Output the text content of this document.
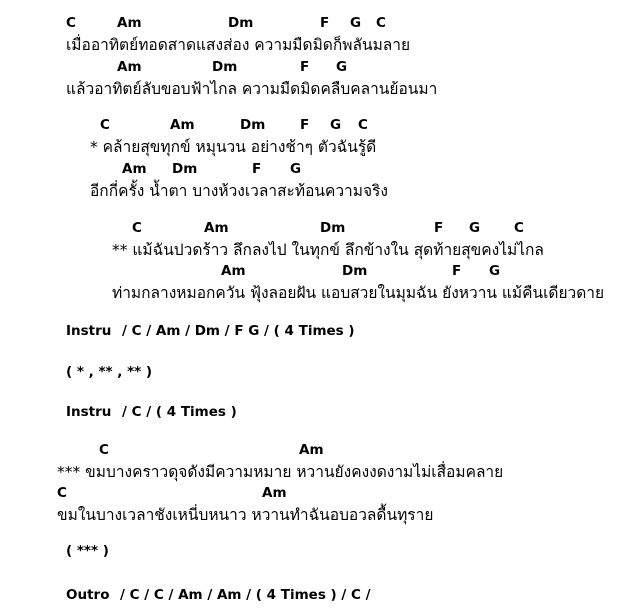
C	Am	Dm	F G C
เมื่ออาทิตย์ทอดสาดแสงส่อง ความมืดมิดก็พลันมลาย
Am	Dm	F G
แล้วอาทิตย์ลับขอบฟ้าไกล ความมืดมิดคลืบคลานย้อนมา
C	Am	Dm	F G C
* คล้ายสุขทุกข์ หมุนวน อย่างช้าๆ ตัวฉันรู้ดี
Am Dm	F G
อีกกี่ครั้ง น้ำตา บางห้วงเวลาสะท้อนความจริง
C	Am	Dm	F G	C
** แม้ฉันปวดร้าว ลึกลงไป ในทุกข์ ลึกข้างใน สุดท้ายสุขคงไม่ไกล
Am	Dm	F G
ท่ามกลางหมอกควัน ฟุ้งลอยฝัน แอบสวยในมุมฉัน ยังหวาน แม้คืนเดียวดาย
C	Am
*** ขมบางคราวดุจดังมีความหมาย หวานยังคงงดงามไม่เสื่อมคลาย
C	Am
ขมในบางเวลาชังเหนี่บหนาว หวานทำฉันอบอวลดื้นทุราย
Instru / C / Am / Dm / F G / ( 4 Times )
Instru / C / ( 4 Times )
Outro / C / C / Am / Am / ( 4 Times ) / C /
( * , ** , ** )
( *** )
